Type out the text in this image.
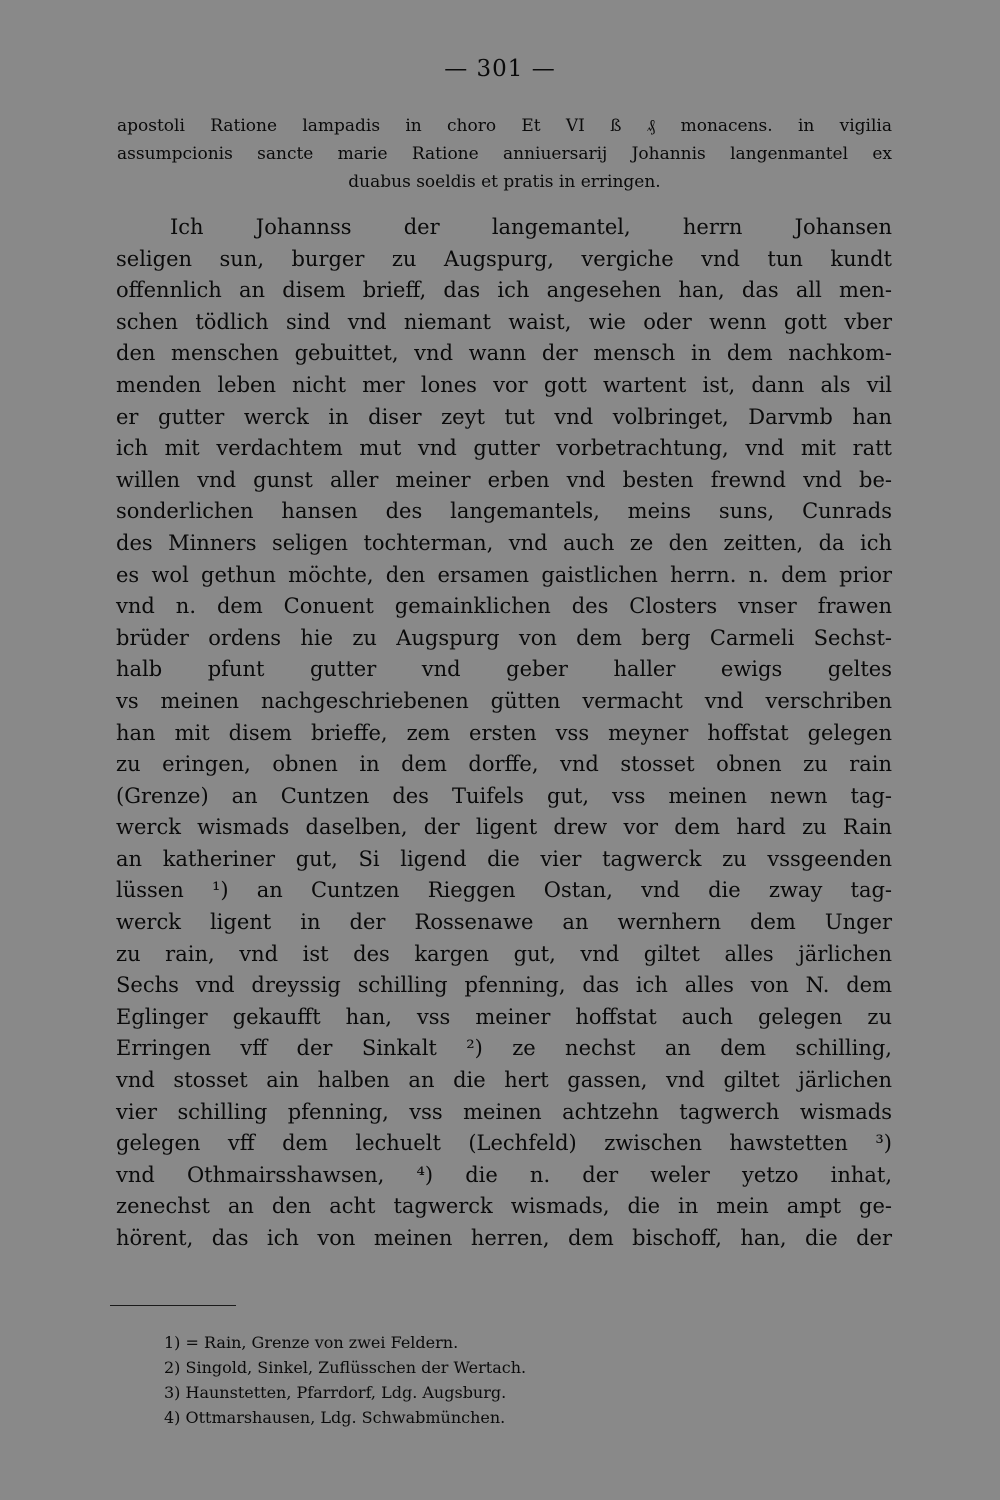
— 301 —
apostoli Ratione lampadis in choro Et VI ß ₰ monacens. in vigilia
assumpcionis sancte marie Ratione anniuersarij Johannis langenmantel ex
duabus soeldis et pratis in erringen.
Ich Johannss der langemantel, herrn Johansen
seligen sun, burger zu Augspurg, vergiche vnd tun kundt
offennlich an disem brieff, das ich angesehen han, das all men-
schen tödlich sind vnd niemant waist, wie oder wenn gott vber
den menschen gebuittet, vnd wann der mensch in dem nachkom-
menden leben nicht mer lones vor gott wartent ist, dann als vil
er gutter werck in diser zeyt tut vnd volbringet, Darvmb han
ich mit verdachtem mut vnd gutter vorbetrachtung, vnd mit ratt
willen vnd gunst aller meiner erben vnd besten frewnd vnd be-
sonderlichen hansen des langemantels, meins suns, Cunrads
des Minners seligen tochterman, vnd auch ze den zeitten, da ich
es wol gethun möchte, den ersamen gaistlichen herrn. n. dem prior
vnd n. dem Conuent gemainklichen des Closters vnser frawen
brüder ordens hie zu Augspurg von dem berg Carmeli Sechst-
halb pfunt gutter vnd geber haller ewigs geltes
vs meinen nachgeschriebenen gütten vermacht vnd verschriben
han mit disem brieffe, zem ersten vss meyner hoffstat gelegen
zu eringen, obnen in dem dorffe, vnd stosset obnen zu rain
(Grenze) an Cuntzen des Tuifels gut, vss meinen newn tag-
werck wismads daselben, der ligent drew vor dem hard zu Rain
an katheriner gut, Si ligend die vier tagwerck zu vssgeenden
lüssen ¹) an Cuntzen Rieggen Ostan, vnd die zway tag-
werck ligent in der Rossenawe an wernhern dem Unger
zu rain, vnd ist des kargen gut, vnd giltet alles järlichen
Sechs vnd dreyssig schilling pfenning, das ich alles von N. dem
Eglinger gekaufft han, vss meiner hoffstat auch gelegen zu
Erringen vff der Sinkalt ²) ze nechst an dem schilling,
vnd stosset ain halben an die hert gassen, vnd giltet järlichen
vier schilling pfenning, vss meinen achtzehn tagwerch wismads
gelegen vff dem lechuelt (Lechfeld) zwischen hawstetten ³)
vnd Othmairsshawsen, ⁴) die n. der weler yetzo inhat,
zenechst an den acht tagwerck wismads, die in mein ampt ge-
hörent, das ich von meinen herren, dem bischoff, han, die der
1) = Rain, Grenze von zwei Feldern.
2) Singold, Sinkel, Zuflüsschen der Wertach.
3) Haunstetten, Pfarrdorf, Ldg. Augsburg.
4) Ottmarshausen, Ldg. Schwabmünchen.
